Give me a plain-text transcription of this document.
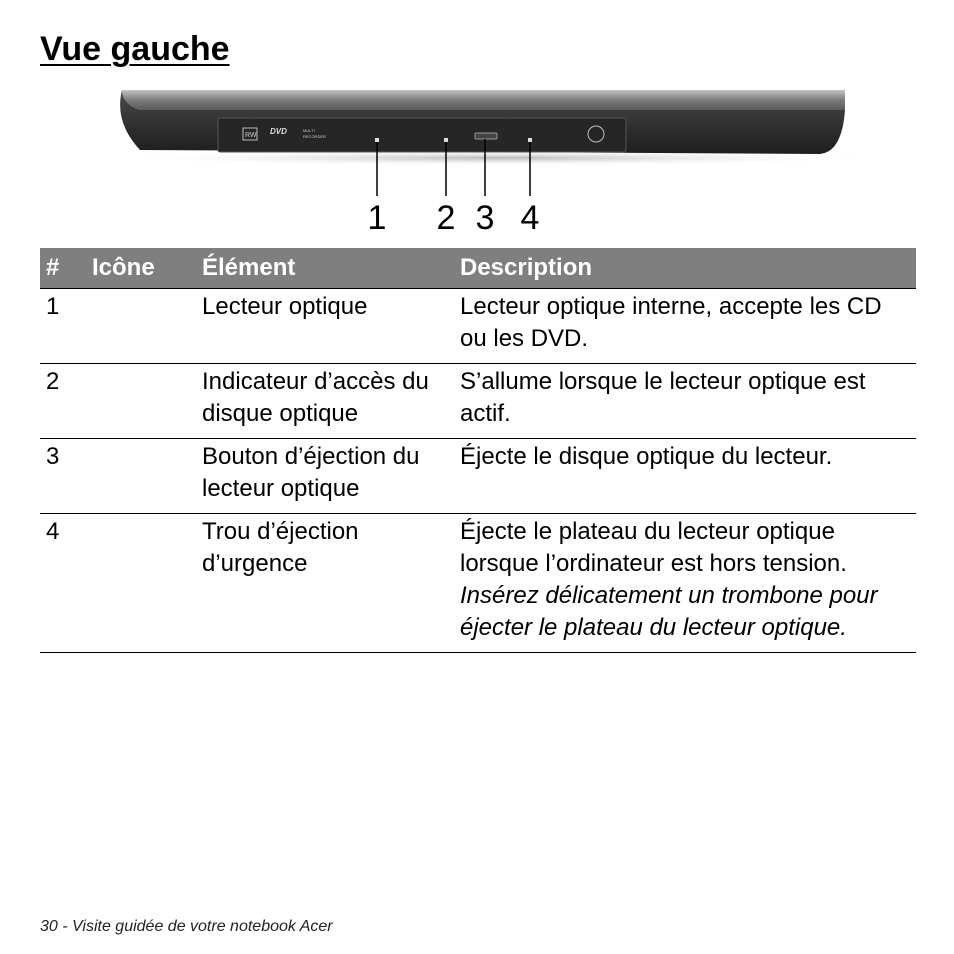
Vue gauche
RW DVD	MULTI
RECORDER
1 2 3 4
#	Icône	Élément	Description
1		Lecteur optique	Lecteur optique interne, accepte les CD ou les DVD.
2		Indicateur d’accès du disque optique	S’allume lorsque le lecteur optique est actif.
3		Bouton d’éjection du lecteur optique	Éjecte le disque optique du lecteur.
4		Trou d’éjection d’urgence	Éjecte le plateau du lecteur optique lorsque l’ordinateur est hors tension.
Insérez délicatement un trombone pour éjecter le plateau du lecteur optique.
30 - Visite guidée de votre notebook Acer
